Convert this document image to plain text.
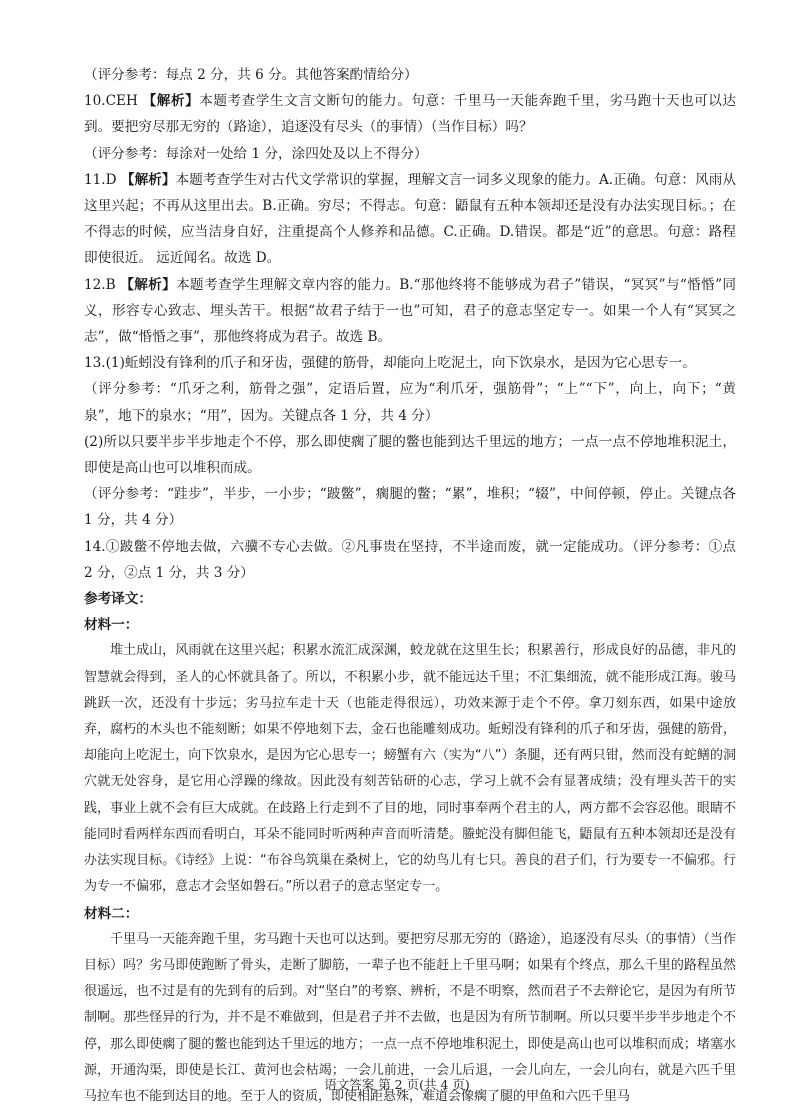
（评分参考：每点 2 分，共 6 分。其他答案酌情给分）

10.CEH 【解析】本题考查学生文言文断句的能力。句意：千里马一天能奔跑千里，劣马跑十天也可以达到。要把穷尽那无穷的（路途），追逐没有尽头（的事情）（当作目标）吗？

（评分参考：每涂对一处给 1 分，涂四处及以上不得分）

11.D 【解析】本题考查学生对古代文学常识的掌握，理解文言一词多义现象的能力。A.正确。句意：风雨从这里兴起；不再从这里出去。B.正确。穷尽；不得志。句意：鼯鼠有五种本领却还是没有办法实现目标。；在不得志的时候，应当洁身自好，注重提高个人修养和品德。C.正确。D.错误。都是“近”的意思。句意：路程即使很近。 远近闻名。故选 D。

12.B 【解析】本题考查学生理解文章内容的能力。B.“那他终将不能够成为君子”错误，“冥冥”与“惛惛”同义，形容专心致志、埋头苦干。根据“故君子结于一也”可知，君子的意志坚定专一。如果一个人有“冥冥之志”，做“惛惛之事”，那他终将成为君子。故选 B。

13.(1)蚯蚓没有锋利的爪子和牙齿，强健的筋骨，却能向上吃泥土，向下饮泉水，是因为它心思专一。

（评分参考：“爪牙之利，筋骨之强”，定语后置，应为“利爪牙，强筋骨”；“上”“下”，向上，向下；“黄泉”，地下的泉水；“用”，因为。关键点各 1 分，共 4 分）

(2)所以只要半步半步地走个不停，那么即使瘸了腿的鳖也能到达千里远的地方；一点一点不停地堆积泥土，即使是高山也可以堆积而成。

（评分参考：“跬步”，半步，一小步；“跛鳖”，瘸腿的鳖；“累”，堆积；“辍”，中间停顿，停止。关键点各 1 分，共 4 分）

14.①跛鳖不停地去做，六骥不专心去做。②凡事贵在坚持，不半途而废，就一定能成功。（评分参考：①点 2 分，②点 1 分，共 3 分）

参考译文：

材料一：

堆土成山，风雨就在这里兴起；积累水流汇成深渊，蛟龙就在这里生长；积累善行，形成良好的品德，非凡的智慧就会得到，圣人的心怀就具备了。所以，不积累小步，就不能远达千里；不汇集细流，就不能形成江海。骏马跳跃一次，还没有十步远；劣马拉车走十天（也能走得很远），功效来源于走个不停。拿刀刻东西，如果中途放弃，腐朽的木头也不能刻断；如果不停地刻下去，金石也能雕刻成功。蚯蚓没有锋利的爪子和牙齿，强健的筋骨，却能向上吃泥土，向下饮泉水，是因为它心思专一；螃蟹有六（实为“八”）条腿，还有两只钳，然而没有蛇鳝的洞穴就无处容身，是它用心浮躁的缘故。因此没有刻苦钻研的心志，学习上就不会有显著成绩；没有埋头苦干的实践，事业上就不会有巨大成就。在歧路上行走到不了目的地，同时事奉两个君主的人，两方都不会容忍他。眼睛不能同时看两样东西而看明白，耳朵不能同时听两种声音而听清楚。螣蛇没有脚但能飞，鼯鼠有五种本领却还是没有办法实现目标。《诗经》上说：“布谷鸟筑巢在桑树上，它的幼鸟儿有七只。善良的君子们，行为要专一不偏邪。行为专一不偏邪，意志才会坚如磐石。”所以君子的意志坚定专一。

材料二：

千里马一天能奔跑千里，劣马跑十天也可以达到。要把穷尽那无穷的（路途），追逐没有尽头（的事情）（当作目标）吗？劣马即使跑断了骨头，走断了脚筋，一辈子也不能赶上千里马啊；如果有个终点，那么千里的路程虽然很遥远，也不过是有的先到有的后到。对“坚白”的考察、辨析，不是不明察，然而君子不去辩论它，是因为有所节制啊。那些怪异的行为，并不是不难做到，但是君子并不去做，也是因为有所节制啊。所以只要半步半步地走个不停，那么即使瘸了腿的鳖也能到达千里远的地方；一点一点不停地堆积泥土，即使是高山也可以堆积而成；堵塞水源，开通沟渠，即使是长江、黄河也会枯竭；一会儿前进，一会儿后退，一会儿向左，一会儿向右，就是六匹千里马拉车也不能到达目的地。至于人的资质，即使相距悬殊，难道会像瘸了腿的甲鱼和六匹千里马

语文答案 第 2 页(共 4 页)
